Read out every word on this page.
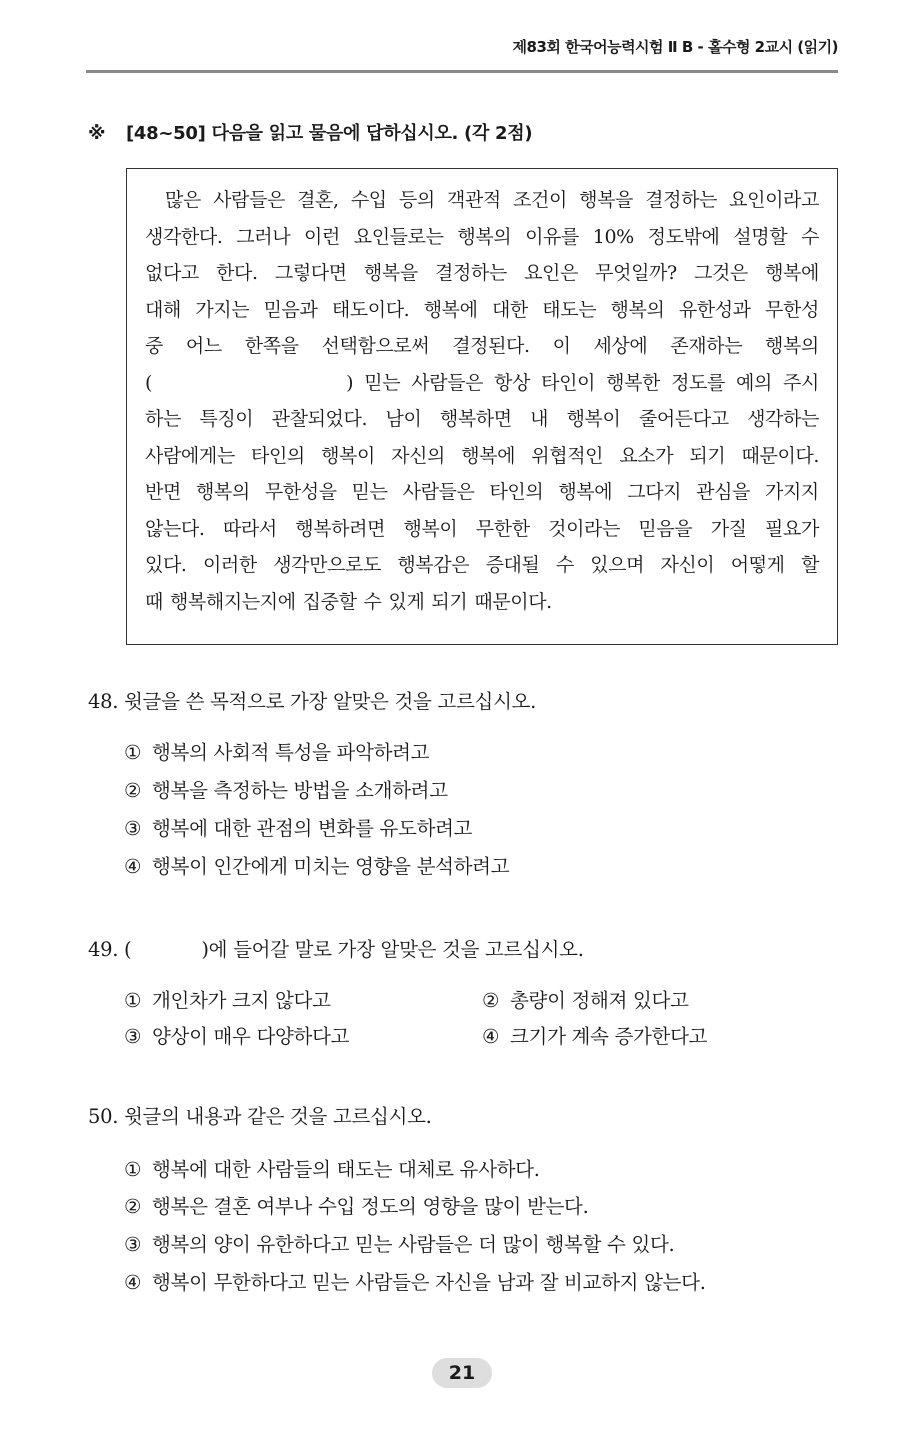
제83회 한국어능력시험 Ⅱ B - 홀수형 2교시 (읽기)
※ [48~50] 다음을 읽고 물음에 답하십시오. (각 2점)
많은 사람들은 결혼, 수입 등의 객관적 조건이 행복을 결정하는 요인이라고
생각한다. 그러나 이런 요인들로는 행복의 이유를 10% 정도밖에 설명할 수
없다고 한다. 그렇다면 행복을 결정하는 요인은 무엇일까? 그것은 행복에
대해 가지는 믿음과 태도이다. 행복에 대한 태도는 행복의 유한성과 무한성
중 어느 한쪽을 선택함으로써 결정된다. 이 세상에 존재하는 행복의
(	) 믿는 사람들은 항상 타인이 행복한 정도를 예의 주시
하는 특징이 관찰되었다. 남이 행복하면 내 행복이 줄어든다고 생각하는
사람에게는 타인의 행복이 자신의 행복에 위협적인 요소가 되기 때문이다.
반면 행복의 무한성을 믿는 사람들은 타인의 행복에 그다지 관심을 가지지
않는다. 따라서 행복하려면 행복이 무한한 것이라는 믿음을 가질 필요가
있다. 이러한 생각만으로도 행복감은 증대될 수 있으며 자신이 어떻게 할
때 행복해지는지에 집중할 수 있게 되기 때문이다.
48. 윗글을 쓴 목적으로 가장 알맞은 것을 고르십시오.
① 행복의 사회적 특성을 파악하려고
② 행복을 측정하는 방법을 소개하려고
③ 행복에 대한 관점의 변화를 유도하려고
④ 행복이 인간에게 미치는 영향을 분석하려고
49. (	)에 들어갈 말로 가장 알맞은 것을 고르십시오.
① 개인차가 크지 않다고	② 총량이 정해져 있다고
③ 양상이 매우 다양하다고	④ 크기가 계속 증가한다고
50. 윗글의 내용과 같은 것을 고르십시오.
① 행복에 대한 사람들의 태도는 대체로 유사하다.
② 행복은 결혼 여부나 수입 정도의 영향을 많이 받는다.
③ 행복의 양이 유한하다고 믿는 사람들은 더 많이 행복할 수 있다.
④ 행복이 무한하다고 믿는 사람들은 자신을 남과 잘 비교하지 않는다.
21
